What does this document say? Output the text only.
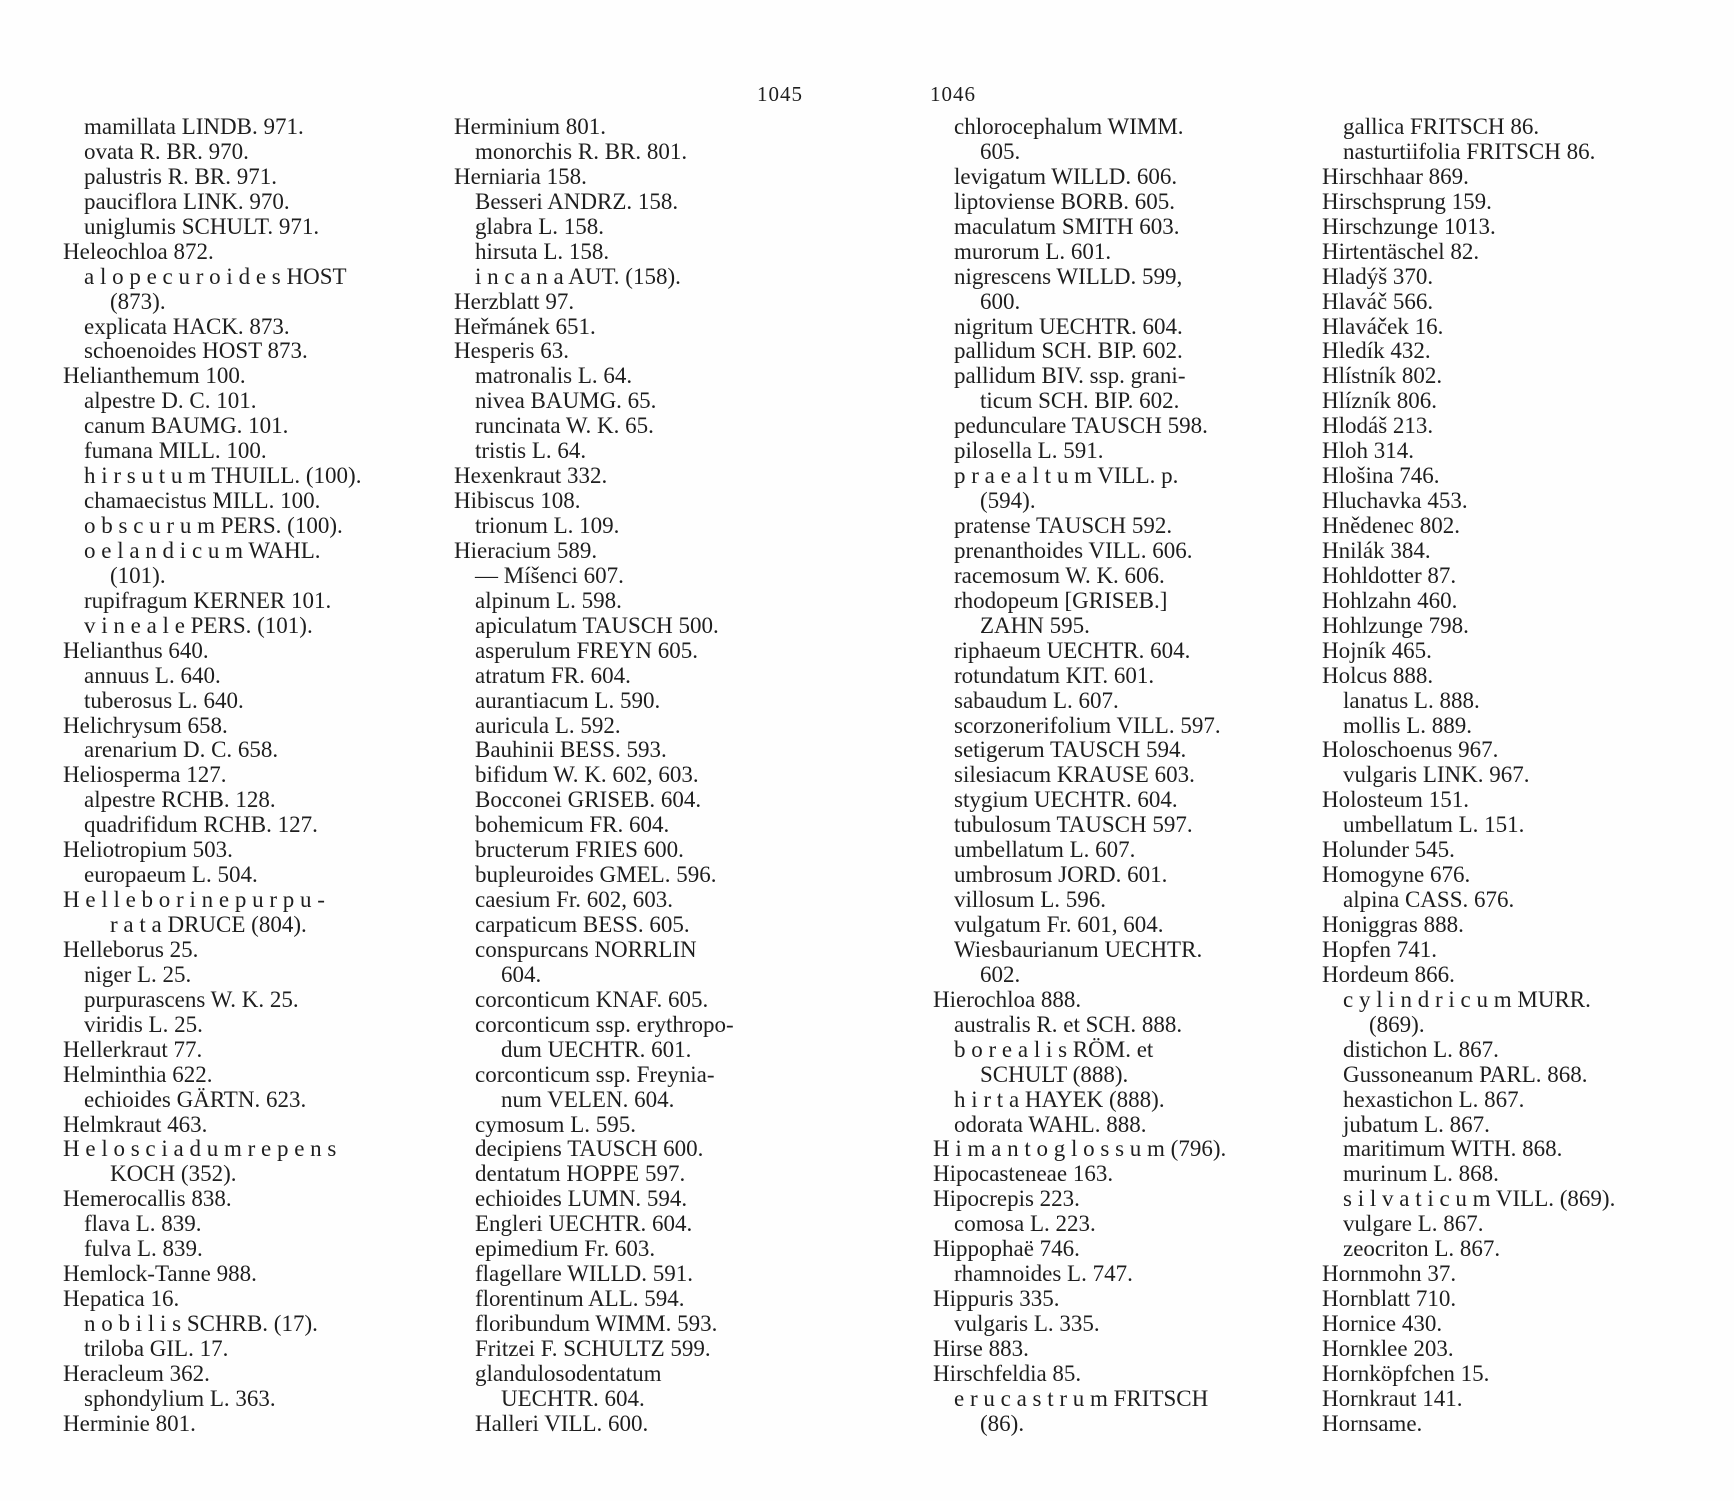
1045	1046
mamillata LINDB. 971.
ovata R. BR. 970.
palustris R. BR. 971.
pauciflora LINK. 970.
uniglumis SCHULT. 971.
Heleochloa 872.
a l o p e c u r o i d e s HOST
(873).
explicata HACK. 873.
schoenoides HOST 873.
Helianthemum 100.
alpestre D. C. 101.
canum BAUMG. 101.
fumana MILL. 100.
h i r s u t u m THUILL. (100).
chamaecistus MILL. 100.
o b s c u r u m PERS. (100).
o e l a n d i c u m WAHL.
(101).
rupifragum KERNER 101.
v i n e a l e PERS. (101).
Helianthus 640.
annuus L. 640.
tuberosus L. 640.
Helichrysum 658.
arenarium D. C. 658.
Heliosperma 127.
alpestre RCHB. 128.
quadrifidum RCHB. 127.
Heliotropium 503.
europaeum L. 504.
H e l l e b o r i n e p u r p u -
r a t a DRUCE (804).
Helleborus 25.
niger L. 25.
purpurascens W. K. 25.
viridis L. 25.
Hellerkraut 77.
Helminthia 622.
echioides GÄRTN. 623.
Helmkraut 463.
H e l o s c i a d u m r e p e n s
KOCH (352).
Hemerocallis 838.
flava L. 839.
fulva L. 839.
Hemlock-Tanne 988.
Hepatica 16.
n o b i l i s SCHRB. (17).
triloba GIL. 17.
Heracleum 362.
sphondylium L. 363.
Herminie 801.
Herminium 801.
monorchis R. BR. 801.
Herniaria 158.
Besseri ANDRZ. 158.
glabra L. 158.
hirsuta L. 158.
i n c a n a AUT. (158).
Herzblatt 97.
Heřmánek 651.
Hesperis 63.
matronalis L. 64.
nivea BAUMG. 65.
runcinata W. K. 65.
tristis L. 64.
Hexenkraut 332.
Hibiscus 108.
trionum L. 109.
Hieracium 589.
— Míšenci 607.
alpinum L. 598.
apiculatum TAUSCH 500.
asperulum FREYN 605.
atratum FR. 604.
aurantiacum L. 590.
auricula L. 592.
Bauhinii BESS. 593.
bifidum W. K. 602, 603.
Bocconei GRISEB. 604.
bohemicum FR. 604.
bructerum FRIES 600.
bupleuroides GMEL. 596.
caesium Fr. 602, 603.
carpaticum BESS. 605.
conspurcans NORRLIN
604.
corconticum KNAF. 605.
corconticum ssp. erythropo-
dum UECHTR. 601.
corconticum ssp. Freynia-
num VELEN. 604.
cymosum L. 595.
decipiens TAUSCH 600.
dentatum HOPPE 597.
echioides LUMN. 594.
Engleri UECHTR. 604.
epimedium Fr. 603.
flagellare WILLD. 591.
florentinum ALL. 594.
floribundum WIMM. 593.
Fritzei F. SCHULTZ 599.
glandulosodentatum
UECHTR. 604.
Halleri VILL. 600.
chlorocephalum WIMM.
605.
levigatum WILLD. 606.
liptoviense BORB. 605.
maculatum SMITH 603.
murorum L. 601.
nigrescens WILLD. 599,
600.
nigritum UECHTR. 604.
pallidum SCH. BIP. 602.
pallidum BIV. ssp. grani-
ticum SCH. BIP. 602.
pedunculare TAUSCH 598.
pilosella L. 591.
p r a e a l t u m VILL. p.
(594).
pratense TAUSCH 592.
prenanthoides VILL. 606.
racemosum W. K. 606.
rhodopeum [GRISEB.]
ZAHN 595.
riphaeum UECHTR. 604.
rotundatum KIT. 601.
sabaudum L. 607.
scorzonerifolium VILL. 597.
setigerum TAUSCH 594.
silesiacum KRAUSE 603.
stygium UECHTR. 604.
tubulosum TAUSCH 597.
umbellatum L. 607.
umbrosum JORD. 601.
villosum L. 596.
vulgatum Fr. 601, 604.
Wiesbaurianum UECHTR.
602.
Hierochloa 888.
australis R. et SCH. 888.
b o r e a l i s RÖM. et
SCHULT (888).
h i r t a HAYEK (888).
odorata WAHL. 888.
H i m a n t o g l o s s u m (796).
Hipocasteneae 163.
Hipocrepis 223.
comosa L. 223.
Hippophaë 746.
rhamnoides L. 747.
Hippuris 335.
vulgaris L. 335.
Hirse 883.
Hirschfeldia 85.
e r u c a s t r u m FRITSCH
(86).
gallica FRITSCH 86.
nasturtiifolia FRITSCH 86.
Hirschhaar 869.
Hirschsprung 159.
Hirschzunge 1013.
Hirtentäschel 82.
Hladýš 370.
Hlaváč 566.
Hlaváček 16.
Hledík 432.
Hlístník 802.
Hlízník 806.
Hlodáš 213.
Hloh 314.
Hlošina 746.
Hluchavka 453.
Hnědenec 802.
Hnilák 384.
Hohldotter 87.
Hohlzahn 460.
Hohlzunge 798.
Hojník 465.
Holcus 888.
lanatus L. 888.
mollis L. 889.
Holoschoenus 967.
vulgaris LINK. 967.
Holosteum 151.
umbellatum L. 151.
Holunder 545.
Homogyne 676.
alpina CASS. 676.
Honiggras 888.
Hopfen 741.
Hordeum 866.
c y l i n d r i c u m MURR.
(869).
distichon L. 867.
Gussoneanum PARL. 868.
hexastichon L. 867.
jubatum L. 867.
maritimum WITH. 868.
murinum L. 868.
s i l v a t i c u m VILL. (869).
vulgare L. 867.
zeocriton L. 867.
Hornmohn 37.
Hornblatt 710.
Hornice 430.
Hornklee 203.
Hornköpfchen 15.
Hornkraut 141.
Hornsame.
